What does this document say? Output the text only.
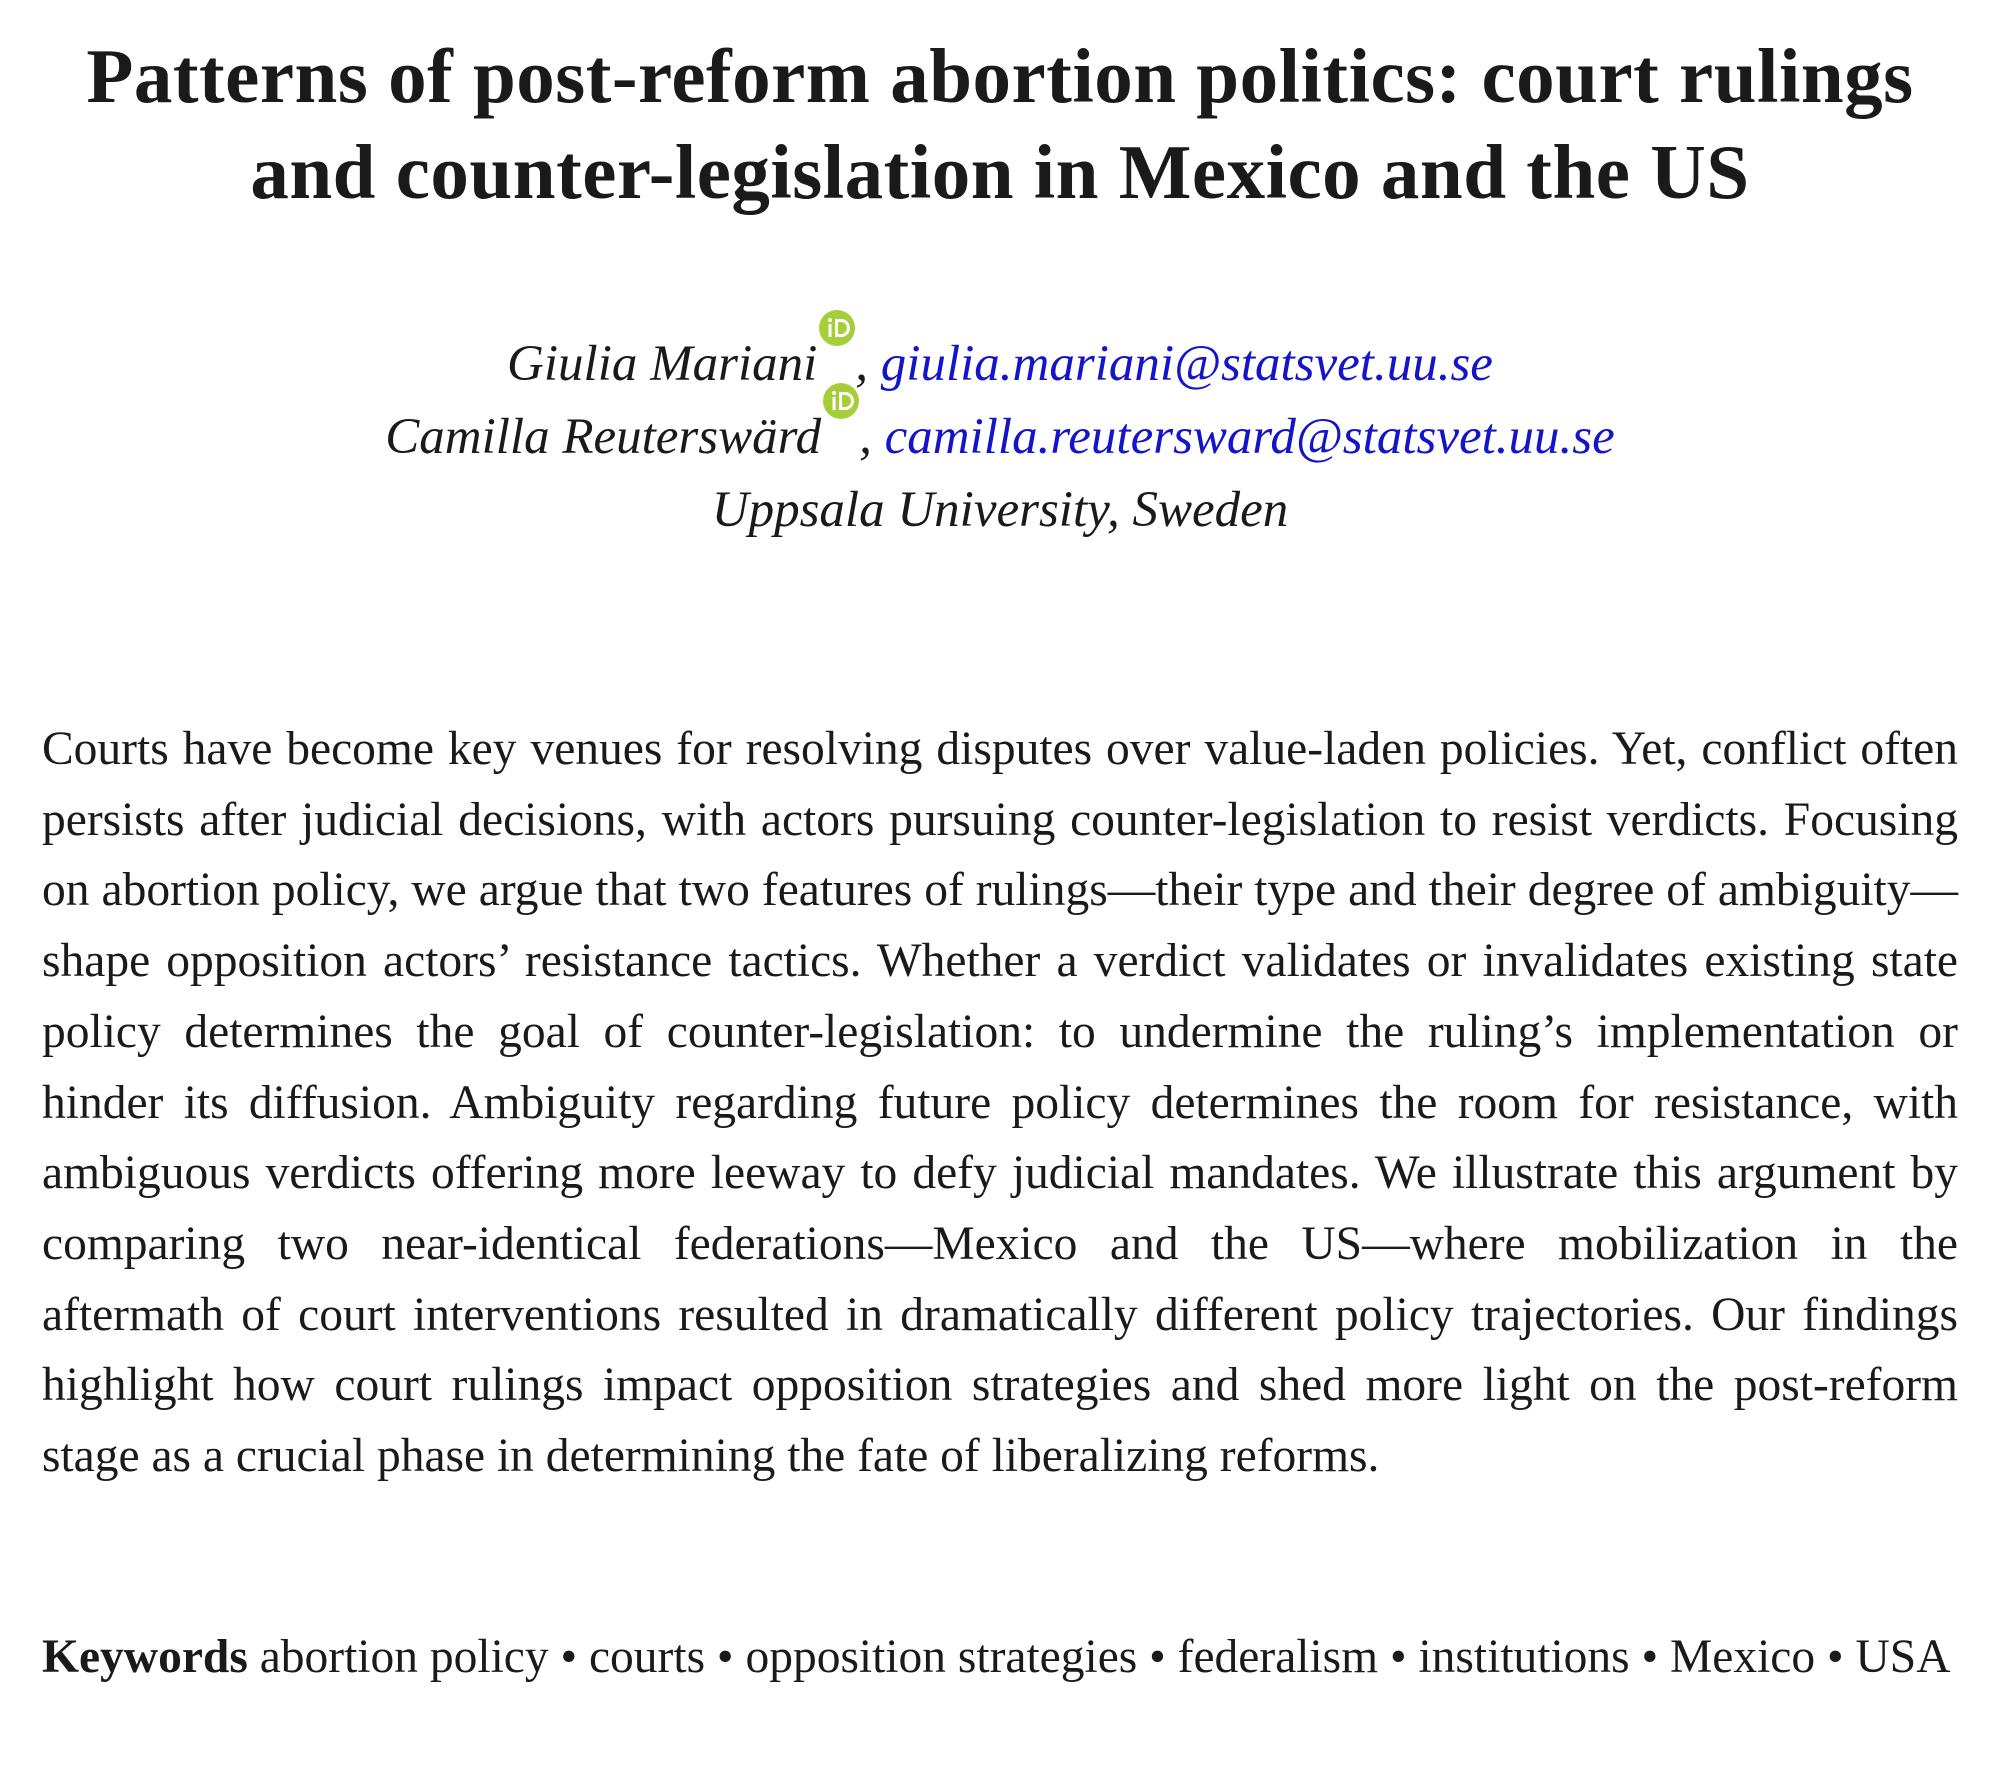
Patterns of post-reform abortion politics: court rulings and counter-legislation in Mexico and the US
Giulia Mariani , giulia.mariani@statsvet.uu.se
Camilla Reuterswärd , camilla.reutersward@statsvet.uu.se
Uppsala University, Sweden

Courts have become key venues for resolving disputes over value-laden policies. Yet, conflict often persists after judicial decisions, with actors pursuing counter-legislation to resist verdicts. Focusing on abortion policy, we argue that two features of rulings—their type and their degree of ambiguity—shape opposition actors’ resistance tactics. Whether a verdict validates or invalidates existing state policy determines the goal of counter-legislation: to undermine the ruling’s implementation or hinder its diffusion. Ambiguity regarding future policy determines the room for resistance, with ambiguous verdicts offering more leeway to defy judicial mandates. We illustrate this argument by comparing two near-identical federations—Mexico and the US—where mobilization in the aftermath of court interventions resulted in dramatically different policy trajectories. Our findings highlight how court rulings impact opposition strategies and shed more light on the post-reform stage as a crucial phase in determining the fate of liberalizing reforms.

Keywords abortion policy • courts • opposition strategies • federalism • institutions • Mexico • USA
